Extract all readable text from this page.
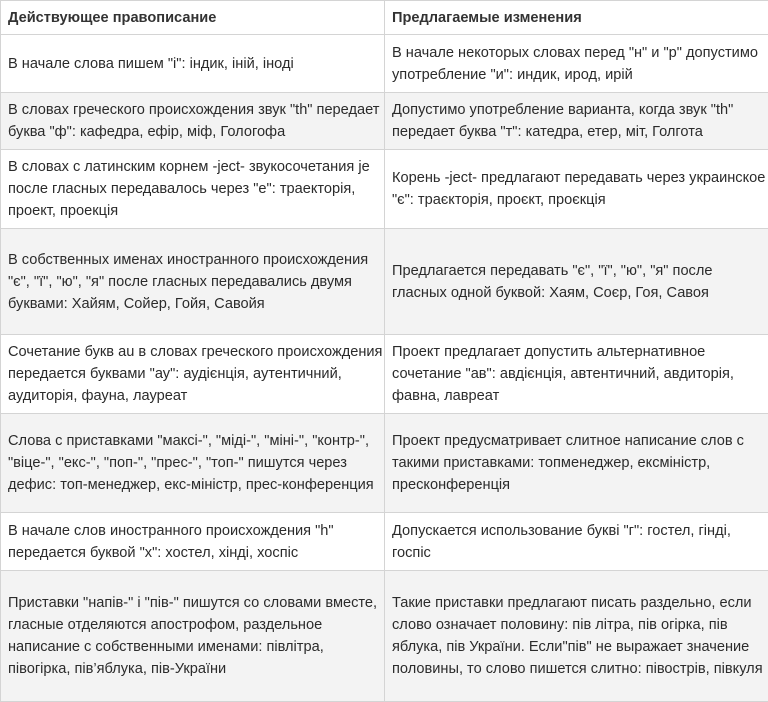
Действующее правописание	Предлагаемые изменения

В начале слова пишем "і": індик, іній, іноді	В начале некоторых словах перед "н" и "р" допустимо употребление "и": индик, ирод, ирій

В словах греческого происхождения звук "th" передает буква "ф": кафедра, ефір, міф, Гологофа	Допустимо употребление варианта, когда звук "th" передает буква "т": катедра, етер, міт, Голгота

В словах с латинским корнем -ject- звукосочетания je после гласных передавалось через "е": траекторія, проект, проекція	Корень -ject- предлагают передавать через украинское "є": траєкторія, проєкт, проєкція

В собственных именах иностранного происхождения "є", "ї", "ю", "я" после гласных передавались двумя буквами: Хайям, Сойер, Гойя, Савойя	Предлагается передавать "є", "ї", "ю", "я" после гласных одной буквой: Хаям, Соєр, Гоя, Савоя

Сочетание букв au в словах греческого происхождения передается буквами "ау": аудієнція, аутентичний, аудиторія, фауна, лауреат	Проект предлагает допустить альтернативное сочетание "ав": авдієнція, автентичний, авдиторія, фавна, лавреат

Слова с приставками "максі-", "міді-", "міні-", "контр-", "віце-", "екс-", "поп-", "прес-", "топ-" пишутся через дефис: топ-менеджер, екс-міністр, прес-конференция	Проект предусматривает слитное написание слов с такими приставками: топменеджер, ексміністр, пресконференція

В начале слов иностранного происхождения "h" передается буквой "х": хостел, хінді, хоспіс	Допускается использование букві "г": гостел, гінді, госпіс

Приставки "напів-" і "пів-" пишутся со словами вместе, гласные отделяются апострофом, раздельное написание с собственными именами: півлітра, півогірка, пів’яблука, пів-України	Такие приставки предлагают писать раздельно, если слово означает половину: пів літра, пів огірка, пів яблука, пів України. Если"пів" не выражает значение половины, то слово пишется слитно: півострів, півкуля
